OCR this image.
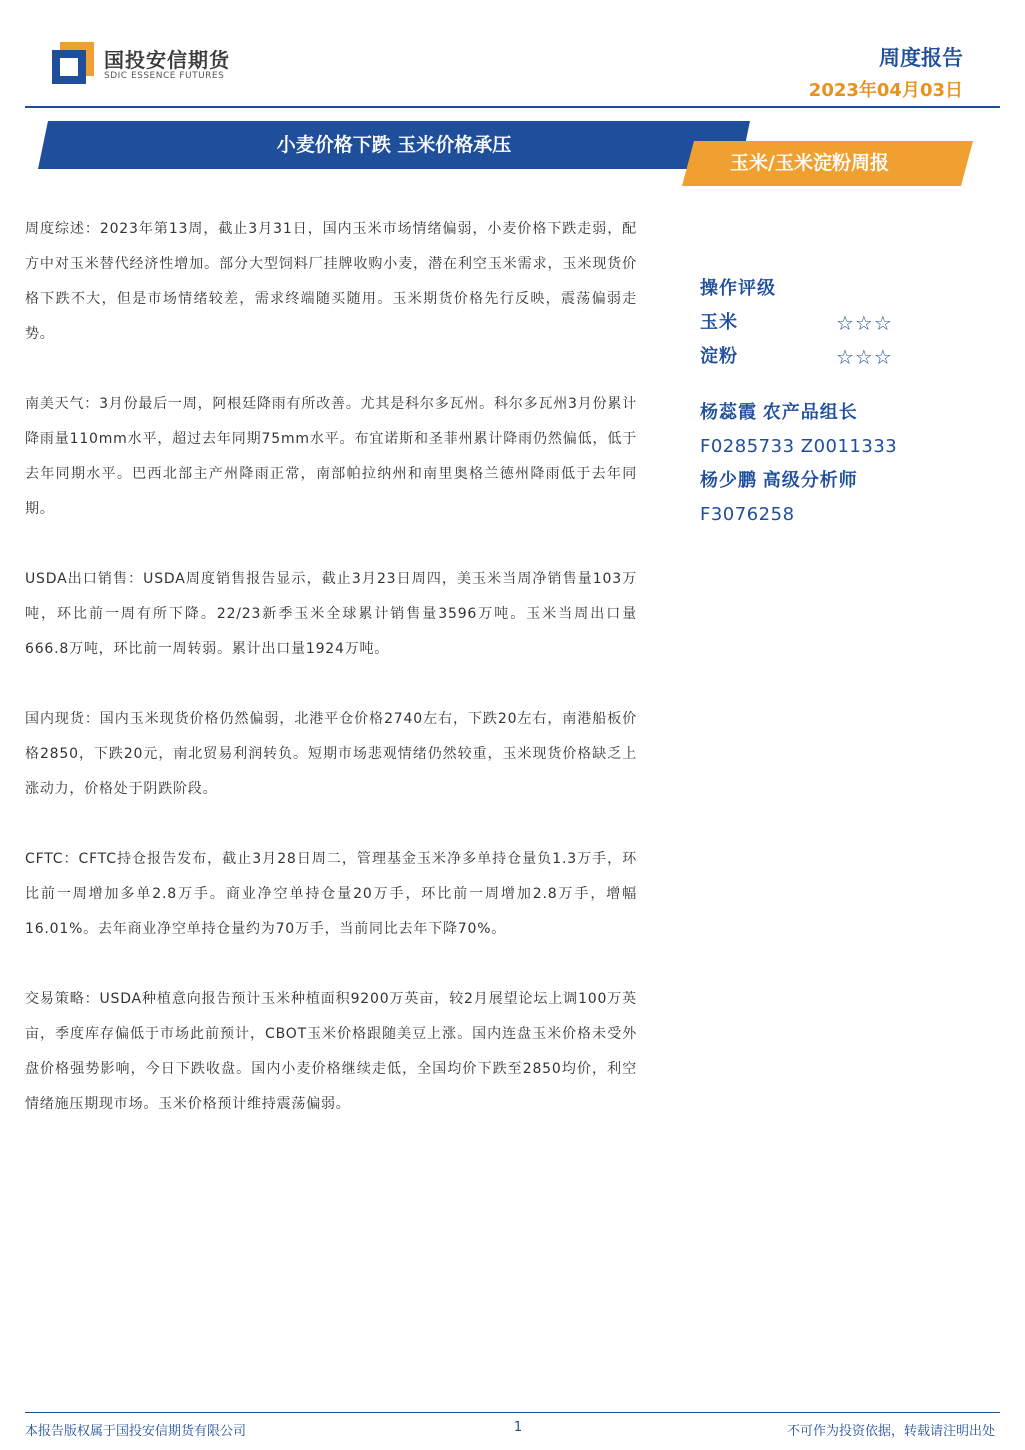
国投安信期货
SDIC ESSENCE FUTURES
周度报告
2023年04月03日
小麦价格下跌 玉米价格承压
玉米/玉米淀粉周报

周度综述：2023年第13周，截止3月31日，国内玉米市场情绪偏弱，小麦价格下跌走弱，配方中对玉米替代经济性增加。部分大型饲料厂挂牌收购小麦，潜在利空玉米需求，玉米现货价格下跌不大，但是市场情绪较差，需求终端随买随用。玉米期货价格先行反映，震荡偏弱走势。

南美天气：3月份最后一周，阿根廷降雨有所改善。尤其是科尔多瓦州。科尔多瓦州3月份累计降雨量110mm水平，超过去年同期75mm水平。布宜诺斯和圣菲州累计降雨仍然偏低，低于去年同期水平。巴西北部主产州降雨正常，南部帕拉纳州和南里奥格兰德州降雨低于去年同期。

USDA出口销售：USDA周度销售报告显示，截止3月23日周四，美玉米当周净销售量103万吨，环比前一周有所下降。22/23新季玉米全球累计销售量3596万吨。玉米当周出口量666.8万吨，环比前一周转弱。累计出口量1924万吨。

国内现货：国内玉米现货价格仍然偏弱，北港平仓价格2740左右，下跌20左右，南港船板价格2850，下跌20元，南北贸易利润转负。短期市场悲观情绪仍然较重，玉米现货价格缺乏上涨动力，价格处于阴跌阶段。

CFTC：CFTC持仓报告发布，截止3月28日周二，管理基金玉米净多单持仓量负1.3万手，环比前一周增加多单2.8万手。商业净空单持仓量20万手，环比前一周增加2.8万手，增幅16.01%。去年商业净空单持仓量约为70万手，当前同比去年下降70%。

交易策略：USDA种植意向报告预计玉米种植面积9200万英亩，较2月展望论坛上调100万英亩，季度库存偏低于市场此前预计，CBOT玉米价格跟随美豆上涨。国内连盘玉米价格未受外盘价格强势影响，今日下跌收盘。国内小麦价格继续走低，全国均价下跌至2850均价，利空情绪施压期现市场。玉米价格预计维持震荡偏弱。

操作评级
玉米	☆☆☆
淀粉	☆☆☆
杨蕊霞 农产品组长
F0285733 Z0011333
杨少鹏 高级分析师
F3076258
本报告版权属于国投安信期货有限公司	1	不可作为投资依据，转载请注明出处
